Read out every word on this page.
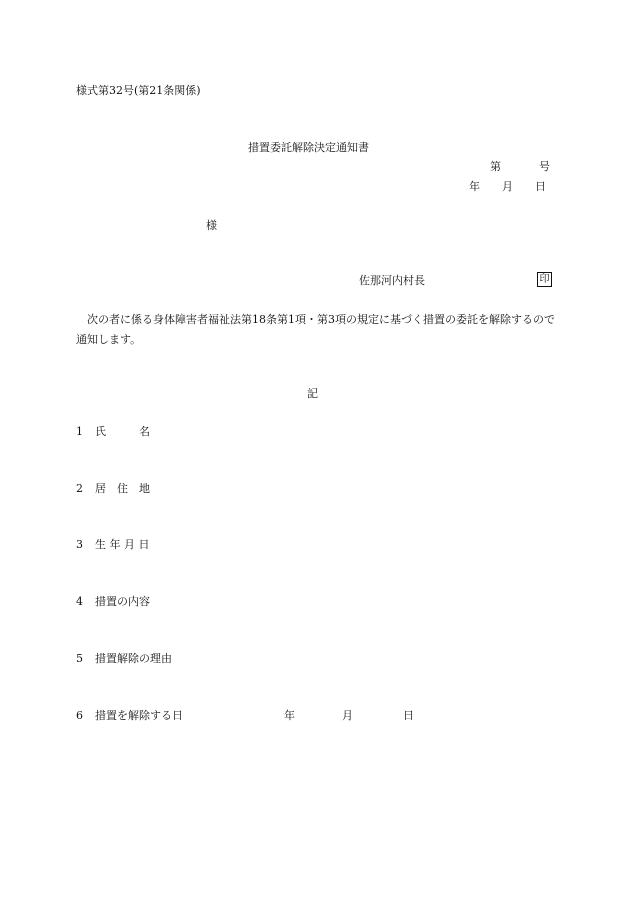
様式第32号(第21条関係)
措置委託解除決定通知書
第	号
年 月 日
様
佐那河内村長	印
次の者に係る身体障害者福祉法第18条第1項・第3項の規定に基づく措置の委託を解除するので通知します。
記
1 氏　　　名
2 居　住　地
3 生 年 月 日
4 措置の内容
5 措置解除の理由
6 措置を解除する日	年	月	日
